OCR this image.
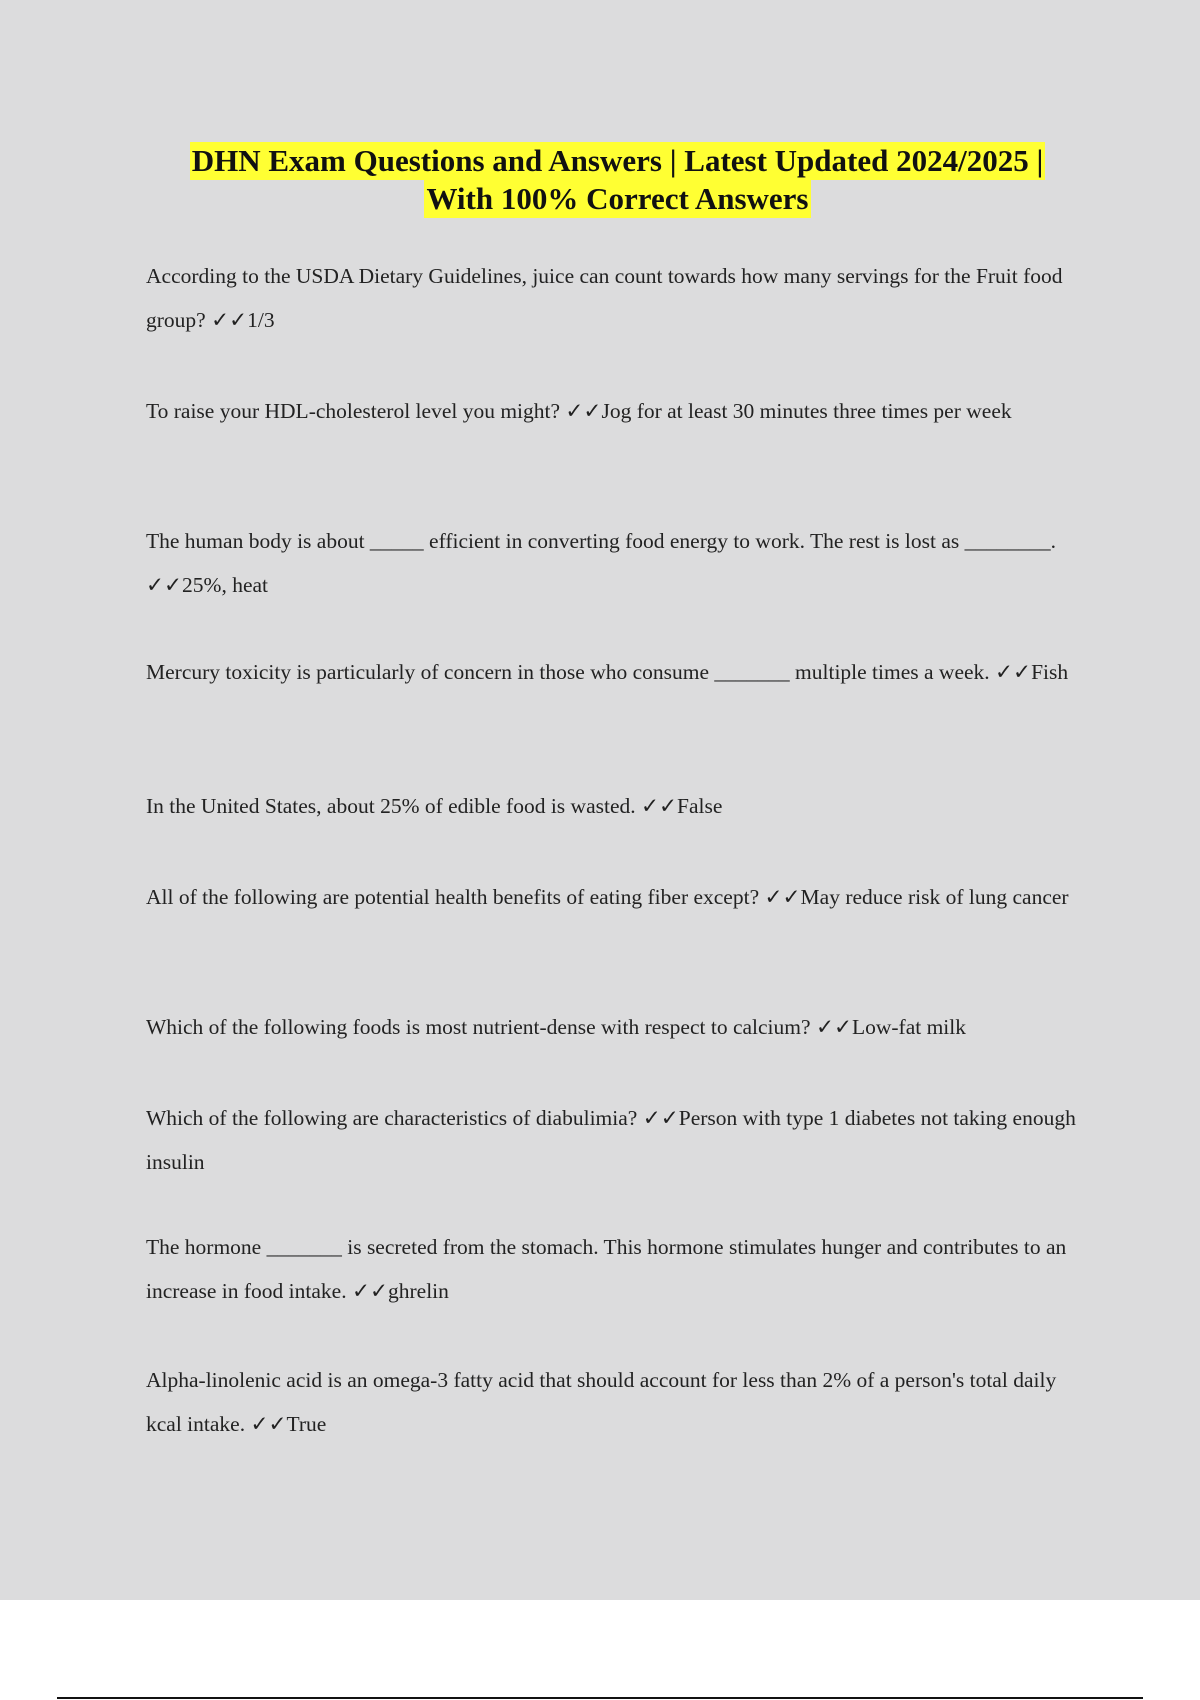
DHN Exam Questions and Answers | Latest Updated 2024/2025 |
With 100% Correct Answers
According to the USDA Dietary Guidelines, juice can count towards how many servings for the Fruit food group? ✓✓1/3
To raise your HDL-cholesterol level you might? ✓✓Jog for at least 30 minutes three times per week
The human body is about _____ efficient in converting food energy to work. The rest is lost as ________. ✓✓25%, heat
Mercury toxicity is particularly of concern in those who consume _______ multiple times a week. ✓✓Fish
In the United States, about 25% of edible food is wasted. ✓✓False
All of the following are potential health benefits of eating fiber except? ✓✓May reduce risk of lung cancer
Which of the following foods is most nutrient-dense with respect to calcium? ✓✓Low-fat milk
Which of the following are characteristics of diabulimia? ✓✓Person with type 1 diabetes not taking enough insulin
The hormone _______ is secreted from the stomach. This hormone stimulates hunger and contributes to an increase in food intake. ✓✓ghrelin
Alpha-linolenic acid is an omega-3 fatty acid that should account for less than 2% of a person's total daily kcal intake. ✓✓True
